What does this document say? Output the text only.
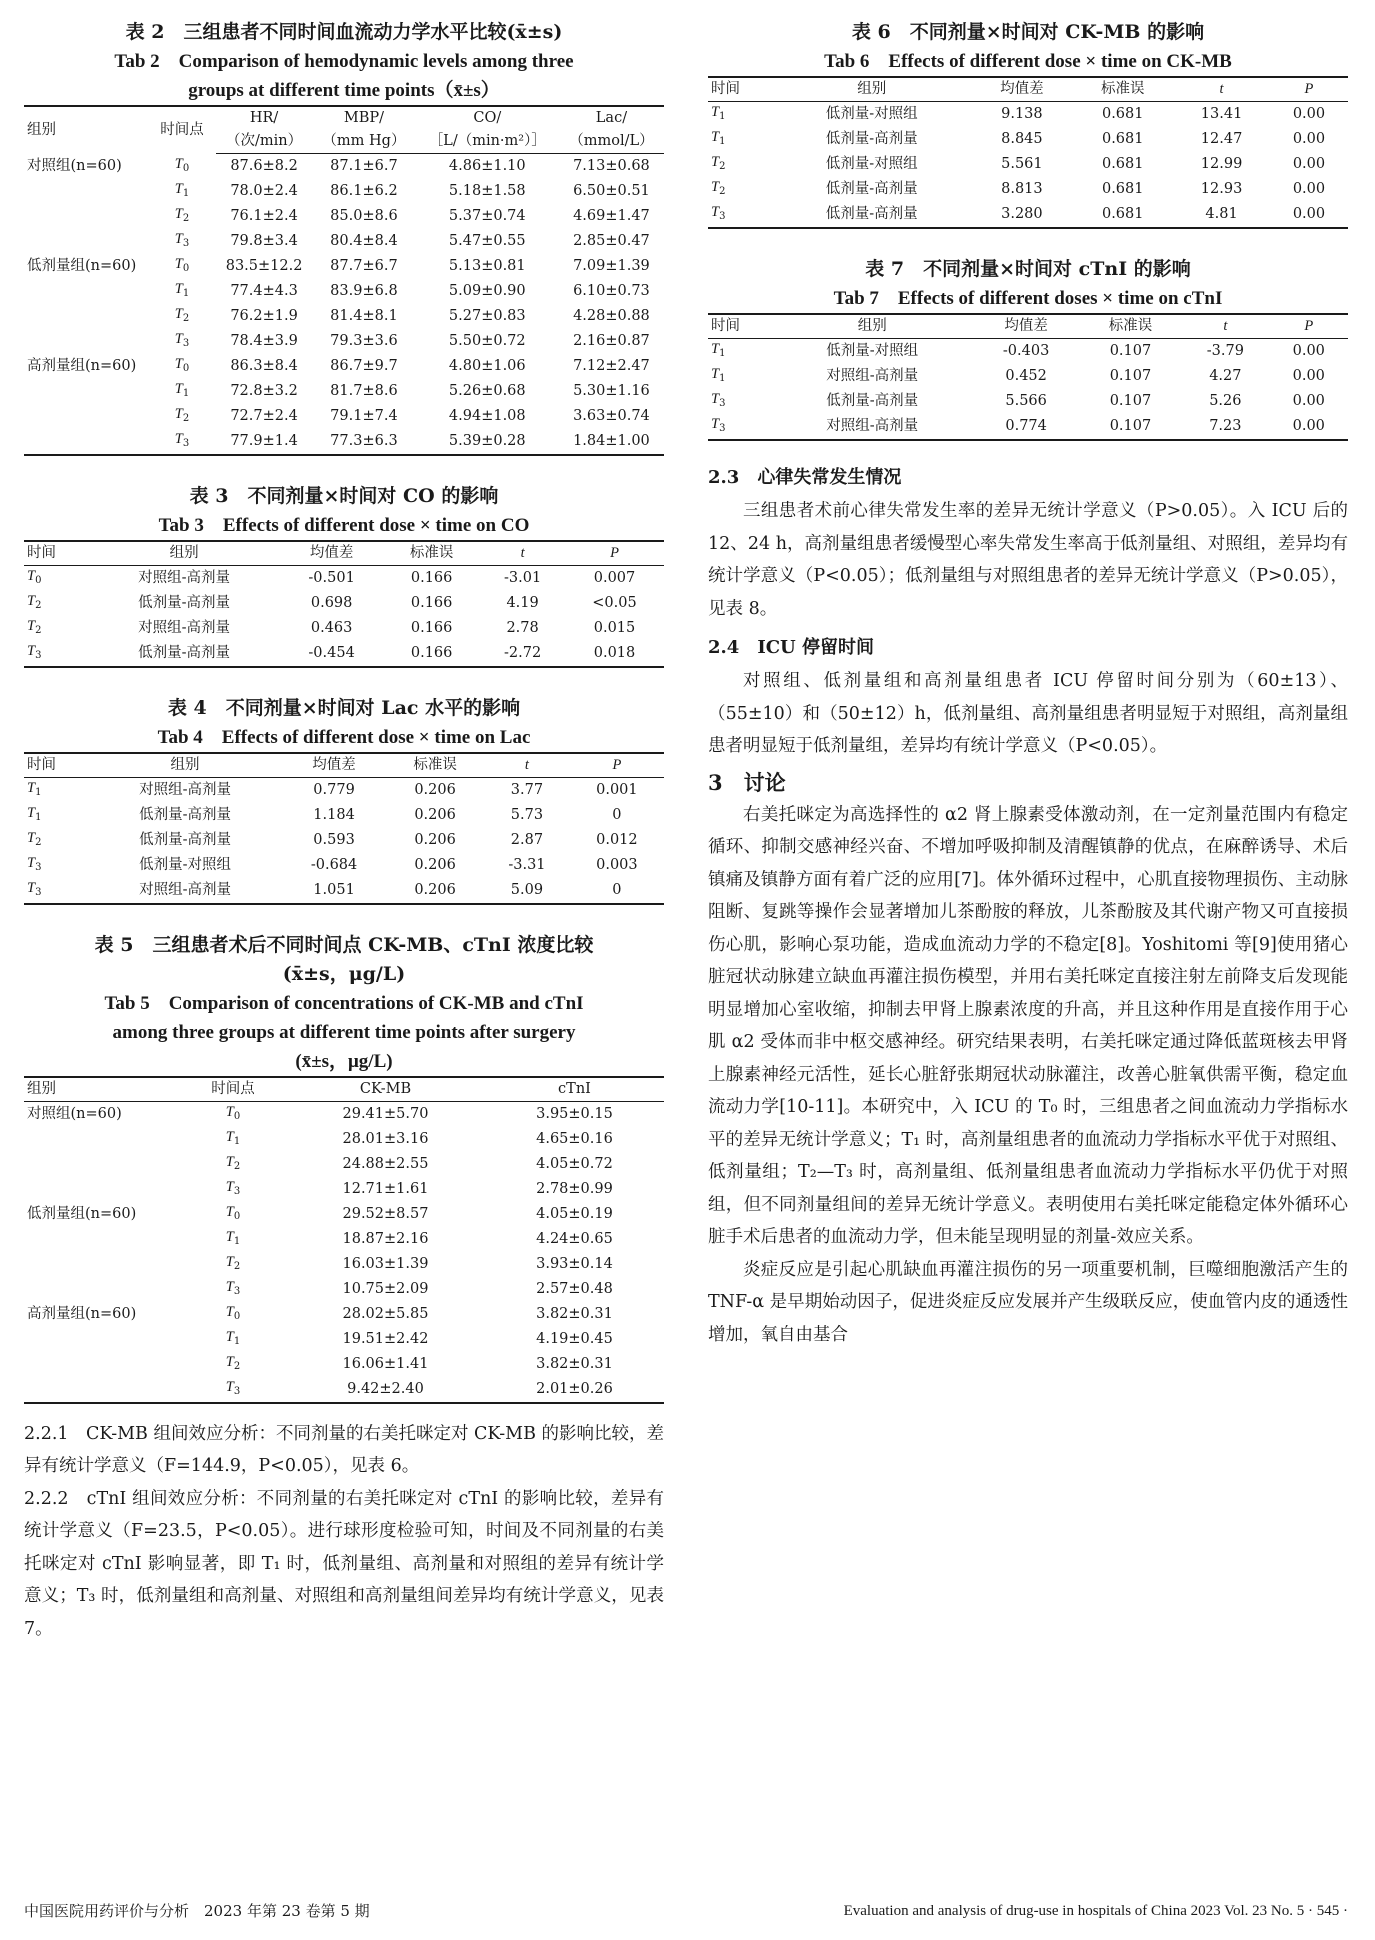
表 2　三组患者不同时间血流动力学水平比较(x̄±s)

Tab 2　Comparison of hemodynamic levels among three

groups at different time points（x̄±s）

组别	时间点	HR/	MBP/	CO/	Lac/
		（次/min）	（mm Hg）	［L/（min·m²）］	（mmol/L）
对照组(n=60)	$T_0$	87.6±8.2	87.1±6.7	4.86±1.10	7.13±0.68
	$T_1$	78.0±2.4	86.1±6.2	5.18±1.58	6.50±0.51
	$T_2$	76.1±2.4	85.0±8.6	5.37±0.74	4.69±1.47
	$T_3$	79.8±3.4	80.4±8.4	5.47±0.55	2.85±0.47
低剂量组(n=60)	$T_0$	83.5±12.2	87.7±6.7	5.13±0.81	7.09±1.39
	$T_1$	77.4±4.3	83.9±6.8	5.09±0.90	6.10±0.73
	$T_2$	76.2±1.9	81.4±8.1	5.27±0.83	4.28±0.88
	$T_3$	78.4±3.9	79.3±3.6	5.50±0.72	2.16±0.87
高剂量组(n=60)	$T_0$	86.3±8.4	86.7±9.7	4.80±1.06	7.12±2.47
	$T_1$	72.8±3.2	81.7±8.6	5.26±0.68	5.30±1.16
	$T_2$	72.7±2.4	79.1±7.4	4.94±1.08	3.63±0.74
	$T_3$	77.9±1.4	77.3±6.3	5.39±0.28	1.84±1.00

表 3　不同剂量×时间对 CO 的影响

Tab 3　Effects of different dose × time on CO

时间	组别	均值差	标准误	t	P
$T_0$	对照组-高剂量	-0.501	0.166	-3.01	0.007
$T_2$	低剂量-高剂量	0.698	0.166	4.19	<0.05
$T_2$	对照组-高剂量	0.463	0.166	2.78	0.015
$T_3$	低剂量-高剂量	-0.454	0.166	-2.72	0.018

表 4　不同剂量×时间对 Lac 水平的影响

Tab 4　Effects of different dose × time on Lac

时间	组别	均值差	标准误	t	P
$T_1$	对照组-高剂量	0.779	0.206	3.77	0.001
$T_1$	低剂量-高剂量	1.184	0.206	5.73	0
$T_2$	低剂量-高剂量	0.593	0.206	2.87	0.012
$T_3$	低剂量-对照组	-0.684	0.206	-3.31	0.003
$T_3$	对照组-高剂量	1.051	0.206	5.09	0

表 5　三组患者术后不同时间点 CK-MB、cTnI 浓度比较

(x̄±s，μg/L)

Tab 5　Comparison of concentrations of CK-MB and cTnI

among three groups at different time points after surgery

(x̄±s，μg/L)

组别	时间点	CK-MB	cTnI
对照组(n=60)	$T_0$	29.41±5.70	3.95±0.15
	$T_1$	28.01±3.16	4.65±0.16
	$T_2$	24.88±2.55	4.05±0.72
	$T_3$	12.71±1.61	2.78±0.99
低剂量组(n=60)	$T_0$	29.52±8.57	4.05±0.19
	$T_1$	18.87±2.16	4.24±0.65
	$T_2$	16.03±1.39	3.93±0.14
	$T_3$	10.75±2.09	2.57±0.48
高剂量组(n=60)	$T_0$	28.02±5.85	3.82±0.31
	$T_1$	19.51±2.42	4.19±0.45
	$T_2$	16.06±1.41	3.82±0.31
	$T_3$	9.42±2.40	2.01±0.26

2.2.1　CK-MB 组间效应分析：不同剂量的右美托咪定对 CK-MB 的影响比较，差异有统计学意义（F=144.9，P<0.05），见表 6。

2.2.2　cTnI 组间效应分析：不同剂量的右美托咪定对 cTnI 的影响比较，差异有统计学意义（F=23.5，P<0.05）。进行球形度检验可知，时间及不同剂量的右美托咪定对 cTnI 影响显著，即 T₁ 时，低剂量组、高剂量和对照组的差异有统计学意义；T₃ 时，低剂量组和高剂量、对照组和高剂量组间差异均有统计学意义，见表 7。

表 6　不同剂量×时间对 CK-MB 的影响

Tab 6　Effects of different dose × time on CK-MB

时间	组别	均值差	标准误	t	P
$T_1$	低剂量-对照组	9.138	0.681	13.41	0.00
$T_1$	低剂量-高剂量	8.845	0.681	12.47	0.00
$T_2$	低剂量-对照组	5.561	0.681	12.99	0.00
$T_2$	低剂量-高剂量	8.813	0.681	12.93	0.00
$T_3$	低剂量-高剂量	3.280	0.681	4.81	0.00

表 7　不同剂量×时间对 cTnI 的影响

Tab 7　Effects of different doses × time on cTnI

时间	组别	均值差	标准误	t	P
$T_1$	低剂量-对照组	-0.403	0.107	-3.79	0.00
$T_1$	对照组-高剂量	0.452	0.107	4.27	0.00
$T_3$	低剂量-高剂量	5.566	0.107	5.26	0.00
$T_3$	对照组-高剂量	0.774	0.107	7.23	0.00

2.3　心律失常发生情况

三组患者术前心律失常发生率的差异无统计学意义（P>0.05）。入 ICU 后的 12、24 h，高剂量组患者缓慢型心率失常发生率高于低剂量组、对照组，差异均有统计学意义（P<0.05）；低剂量组与对照组患者的差异无统计学意义（P>0.05），见表 8。

2.4　ICU 停留时间

对照组、低剂量组和高剂量组患者 ICU 停留时间分别为（60±13）、（55±10）和（50±12）h，低剂量组、高剂量组患者明显短于对照组，高剂量组患者明显短于低剂量组，差异均有统计学意义（P<0.05）。

3　讨论

右美托咪定为高选择性的 α2 肾上腺素受体激动剂，在一定剂量范围内有稳定循环、抑制交感神经兴奋、不增加呼吸抑制及清醒镇静的优点，在麻醉诱导、术后镇痛及镇静方面有着广泛的应用[7]。体外循环过程中，心肌直接物理损伤、主动脉阻断、复跳等操作会显著增加儿茶酚胺的释放，儿茶酚胺及其代谢产物又可直接损伤心肌，影响心泵功能，造成血流动力学的不稳定[8]。Yoshitomi 等[9]使用猪心脏冠状动脉建立缺血再灌注损伤模型，并用右美托咪定直接注射左前降支后发现能明显增加心室收缩，抑制去甲肾上腺素浓度的升高，并且这种作用是直接作用于心肌 α2 受体而非中枢交感神经。研究结果表明，右美托咪定通过降低蓝斑核去甲肾上腺素神经元活性，延长心脏舒张期冠状动脉灌注，改善心脏氧供需平衡，稳定血流动力学[10-11]。本研究中，入 ICU 的 T₀ 时，三组患者之间血流动力学指标水平的差异无统计学意义；T₁ 时，高剂量组患者的血流动力学指标水平优于对照组、低剂量组；T₂—T₃ 时，高剂量组、低剂量组患者血流动力学指标水平仍优于对照组，但不同剂量组间的差异无统计学意义。表明使用右美托咪定能稳定体外循环心脏手术后患者的血流动力学，但未能呈现明显的剂量-效应关系。

炎症反应是引起心肌缺血再灌注损伤的另一项重要机制，巨噬细胞激活产生的 TNF-α 是早期始动因子，促进炎症反应发展并产生级联反应，使血管内皮的通透性增加，氧自由基合

中国医院用药评价与分析　2023 年第 23 卷第 5 期	Evaluation and analysis of drug-use in hospitals of China 2023 Vol. 23 No. 5 · 545 ·
